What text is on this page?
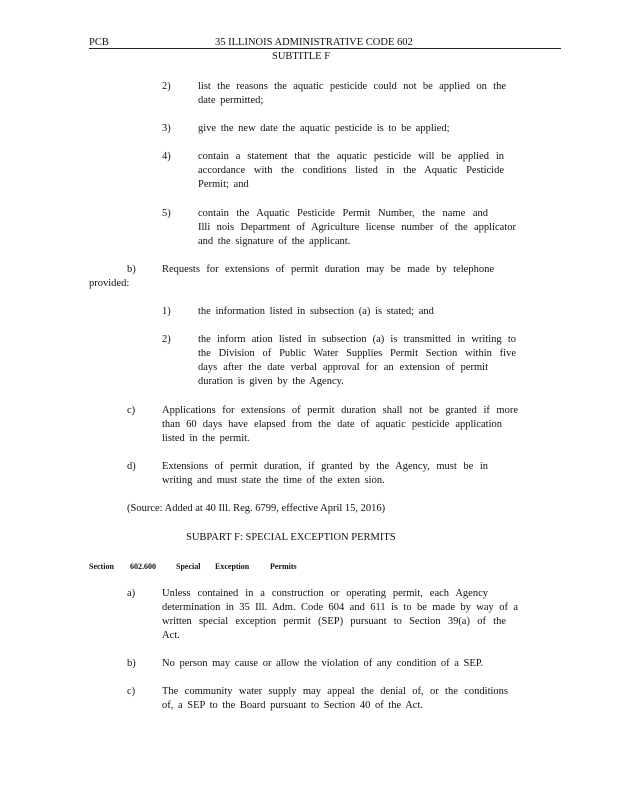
PCB	35 ILLINOIS ADMINISTRATIVE CODE 602
SUBTITLE F
2)	list the reasons the aquatic pesticide could not be applied on the
date permitted;
3)	give the new date the aquatic pesticide is to be applied;
4)	contain a statement that the aquatic pesticide will be applied in
accordance with the conditions listed in the Aquatic Pesticide
Permit; and
5)	contain the Aquatic Pesticide Permit Number, the name and
Illi nois Department of Agriculture license number of the applicator
and the signature of the applicant.
b)	Requests for extensions of permit duration may be made by telephone
provided:
1)	the information listed in subsection (a) is stated; and
2)	the inform ation listed in subsection (a) is transmitted in writing to
the Division of Public Water Supplies Permit Section within five
days after the date verbal approval for an extension of permit
duration is given by the Agency.
c)	Applications for extensions of permit duration shall not be granted if more
than 60 days have elapsed from the date of aquatic pesticide application
listed in the permit.
d)	Extensions of permit duration, if granted by the Agency, must be in
writing and must state the time of the exten sion.
(Source: Added at 40 Ill. Reg. 6799, effective April 15, 2016)
SUBPART F: SPECIAL EXCEPTION PERMITS
Section 602.600	Special Exception	Permits
a)	Unless contained in a construction or operating permit, each Agency
determination in 35 Ill. Adm. Code 604 and 611 is to be made by way of a
written special exception permit (SEP) pursuant to Section 39(a) of the
Act.
b)	No person may cause or allow the violation of any condition of a SEP.
c)	The community water supply may appeal the denial of, or the conditions
of, a SEP to the Board pursuant to Section 40 of the Act.
